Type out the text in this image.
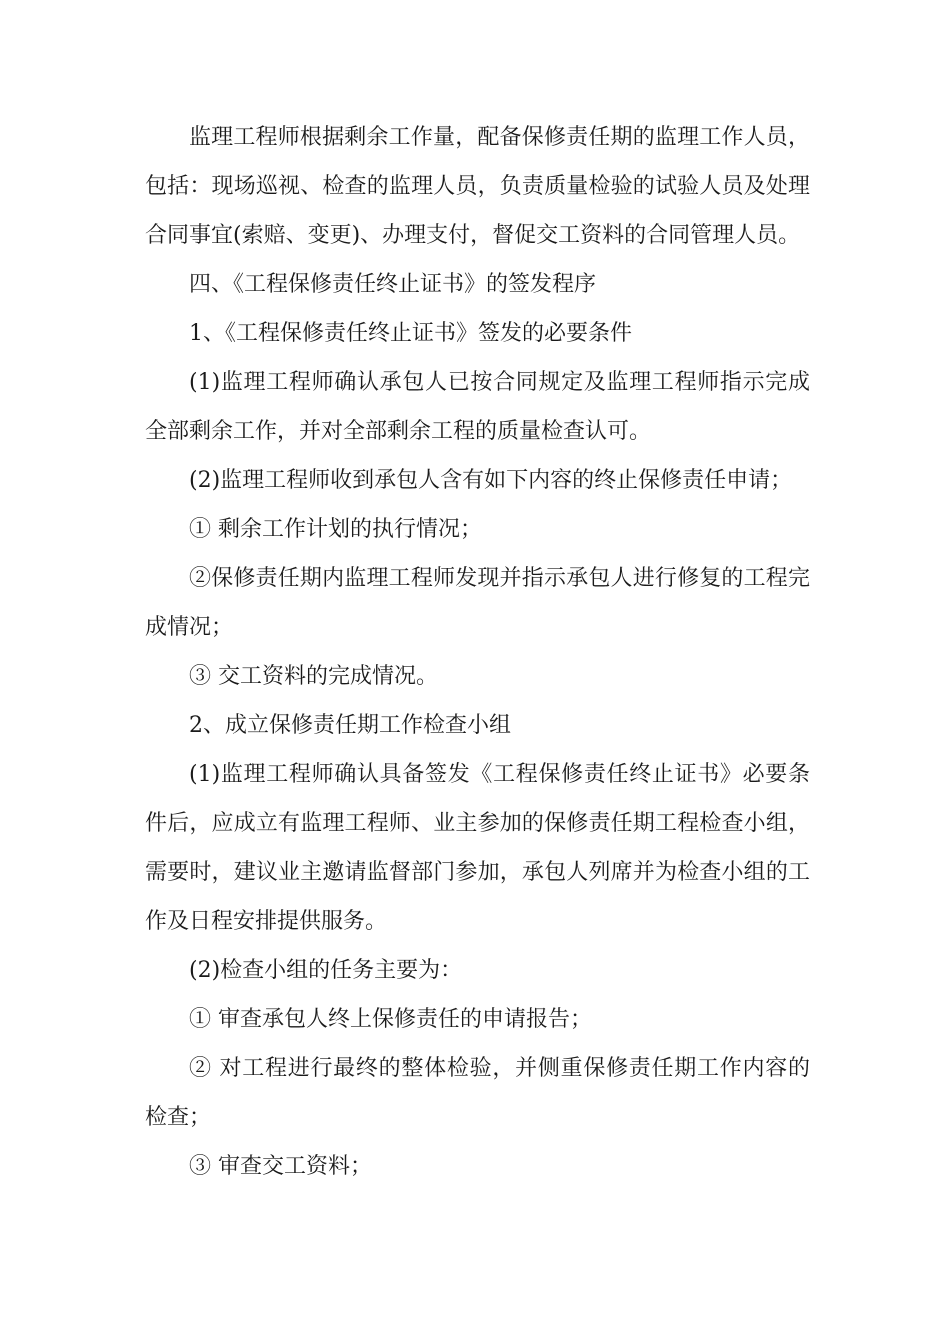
监理工程师根据剩余工作量，配备保修责任期的监理工作人员，包括：现场巡视、检查的监理人员，负责质量检验的试验人员及处理合同事宜(索赔、变更)、办理支付，督促交工资料的合同管理人员。

四、《工程保修责任终止证书》的签发程序

1、《工程保修责任终止证书》签发的必要条件

(1)监理工程师确认承包人已按合同规定及监理工程师指示完成全部剩余工作，并对全部剩余工程的质量检查认可。

(2)监理工程师收到承包人含有如下内容的终止保修责任申请；

① 剩余工作计划的执行情况；

②保修责任期内监理工程师发现并指示承包人进行修复的工程完成情况；

③ 交工资料的完成情况。

2、成立保修责任期工作检查小组

(1)监理工程师确认具备签发《工程保修责任终止证书》必要条件后，应成立有监理工程师、业主参加的保修责任期工程检查小组，需要时，建议业主邀请监督部门参加，承包人列席并为检查小组的工作及日程安排提供服务。

(2)检查小组的任务主要为：

① 审查承包人终上保修责任的申请报告；

② 对工程进行最终的整体检验，并侧重保修责任期工作内容的检查；

③ 审查交工资料；
